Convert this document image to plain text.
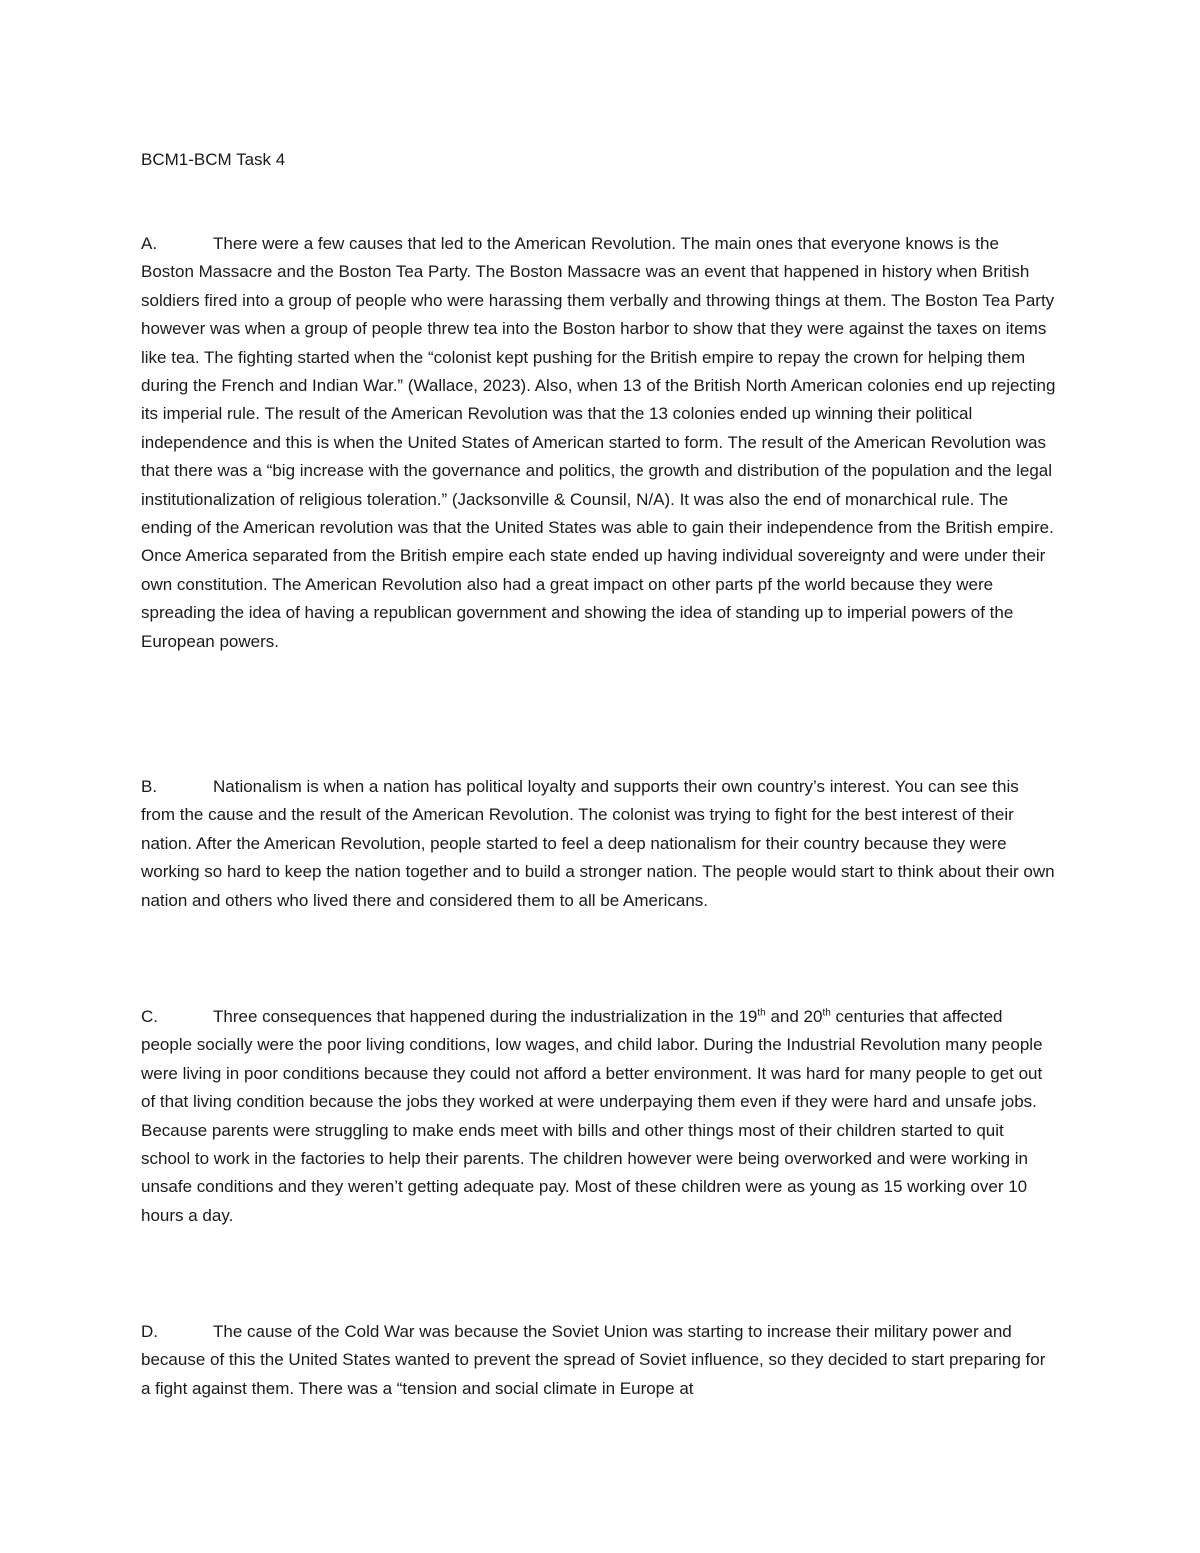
BCM1-BCM Task 4

A.	There were a few causes that led to the American Revolution. The main ones that everyone knows is the Boston Massacre and the Boston Tea Party. The Boston Massacre was an event that happened in history when British soldiers fired into a group of people who were harassing them verbally and throwing things at them. The Boston Tea Party however was when a group of people threw tea into the Boston harbor to show that they were against the taxes on items like tea. The fighting started when the “colonist kept pushing for the British empire to repay the crown for helping them during the French and Indian War.” (Wallace, 2023). Also, when 13 of the British North American colonies end up rejecting its imperial rule. The result of the American Revolution was that the 13 colonies ended up winning their political independence and this is when the United States of American started to form. The result of the American Revolution was that there was a “big increase with the governance and politics, the growth and distribution of the population and the legal institutionalization of religious toleration.” (Jacksonville & Counsil, N/A). It was also the end of monarchical rule. The ending of the American revolution was that the United States was able to gain their independence from the British empire. Once America separated from the British empire each state ended up having individual sovereignty and were under their own constitution. The American Revolution also had a great impact on other parts pf the world because they were spreading the idea of having a republican government and showing the idea of standing up to imperial powers of the European powers.

B.	Nationalism is when a nation has political loyalty and supports their own country’s interest. You can see this from the cause and the result of the American Revolution. The colonist was trying to fight for the best interest of their nation. After the American Revolution, people started to feel a deep nationalism for their country because they were working so hard to keep the nation together and to build a stronger nation. The people would start to think about their own nation and others who lived there and considered them to all be Americans.

C.	Three consequences that happened during the industrialization in the 19th and 20th centuries that affected people socially were the poor living conditions, low wages, and child labor. During the Industrial Revolution many people were living in poor conditions because they could not afford a better environment. It was hard for many people to get out of that living condition because the jobs they worked at were underpaying them even if they were hard and unsafe jobs. Because parents were struggling to make ends meet with bills and other things most of their children started to quit school to work in the factories to help their parents. The children however were being overworked and were working in unsafe conditions and they weren’t getting adequate pay. Most of these children were as young as 15 working over 10 hours a day.

D.	The cause of the Cold War was because the Soviet Union was starting to increase their military power and because of this the United States wanted to prevent the spread of Soviet influence, so they decided to start preparing for a fight against them. There was a “tension and social climate in Europe at
